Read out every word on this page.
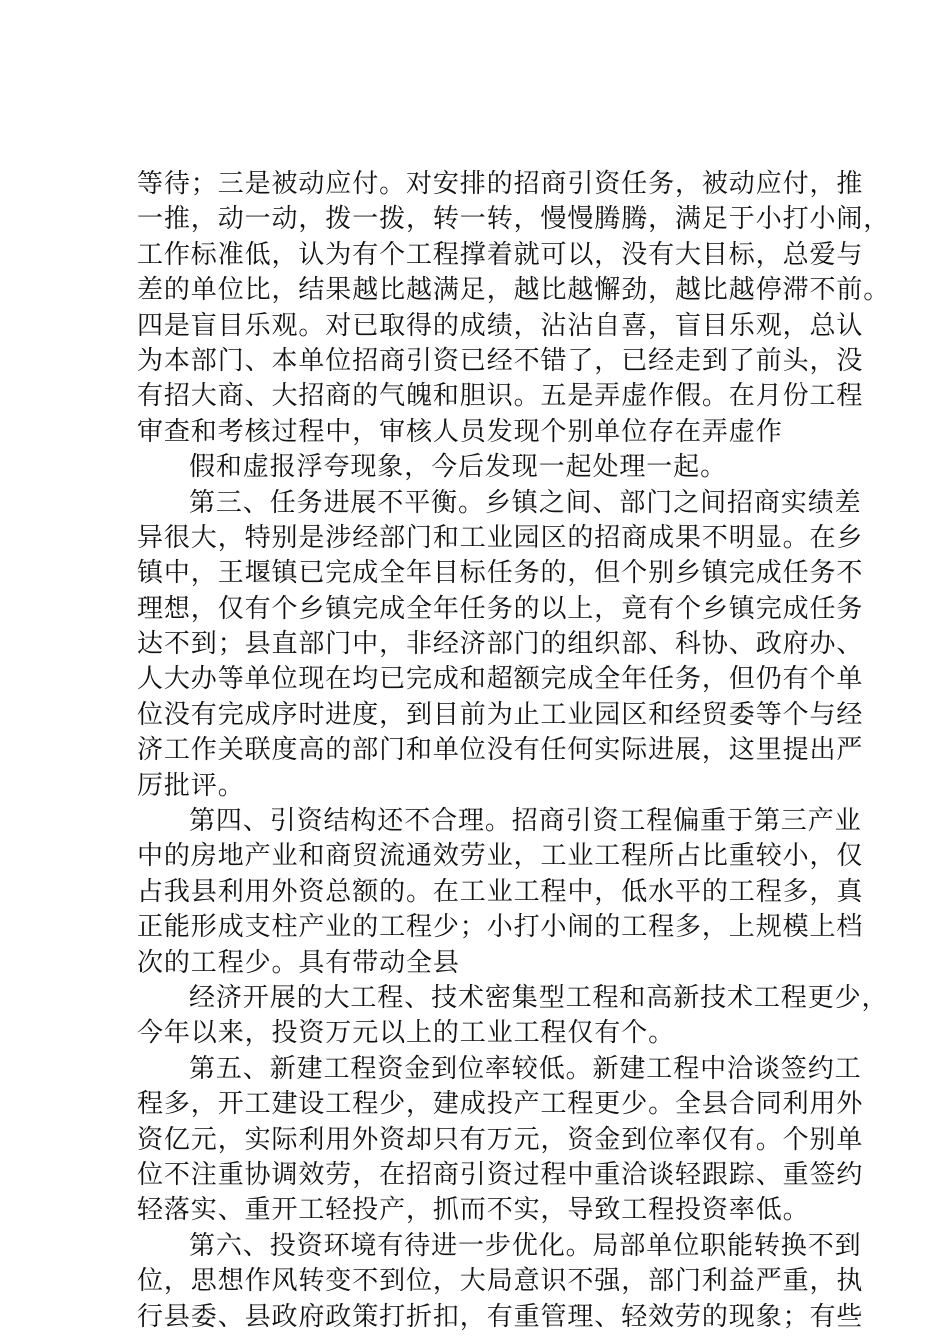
等待；三是被动应付。对安排的招商引资任务，被动应付，推
一推，动一动，拨一拨，转一转，慢慢腾腾，满足于小打小闹，
工作标准低，认为有个工程撑着就可以，没有大目标，总爱与
差的单位比，结果越比越满足，越比越懈劲，越比越停滞不前。
四是盲目乐观。对已取得的成绩，沾沾自喜，盲目乐观，总认
为本部门、本单位招商引资已经不错了，已经走到了前头，没
有招大商、大招商的气魄和胆识。五是弄虚作假。在月份工程
审查和考核过程中，审核人员发现个别单位存在弄虚作
假和虚报浮夸现象，今后发现一起处理一起。
第三、任务进展不平衡。乡镇之间、部门之间招商实绩差
异很大，特别是涉经部门和工业园区的招商成果不明显。在乡
镇中，王堰镇已完成全年目标任务的，但个别乡镇完成任务不
理想，仅有个乡镇完成全年任务的以上，竟有个乡镇完成任务
达不到；县直部门中，非经济部门的组织部、科协、政府办、
人大办等单位现在均已完成和超额完成全年任务，但仍有个单
位没有完成序时进度，到目前为止工业园区和经贸委等个与经
济工作关联度高的部门和单位没有任何实际进展，这里提出严
厉批评。
第四、引资结构还不合理。招商引资工程偏重于第三产业
中的房地产业和商贸流通效劳业，工业工程所占比重较小，仅
占我县利用外资总额的。在工业工程中，低水平的工程多，真
正能形成支柱产业的工程少；小打小闹的工程多，上规模上档
次的工程少。具有带动全县
经济开展的大工程、技术密集型工程和高新技术工程更少，
今年以来，投资万元以上的工业工程仅有个。
第五、新建工程资金到位率较低。新建工程中洽谈签约工
程多，开工建设工程少，建成投产工程更少。全县合同利用外
资亿元，实际利用外资却只有万元，资金到位率仅有。个别单
位不注重协调效劳，在招商引资过程中重洽谈轻跟踪、重签约
轻落实、重开工轻投产，抓而不实，导致工程投资率低。
第六、投资环境有待进一步优化。局部单位职能转换不到
位，思想作风转变不到位，大局意识不强，部门利益严重，执
行县委、县政府政策打折扣，有重管理、轻效劳的现象；有些
